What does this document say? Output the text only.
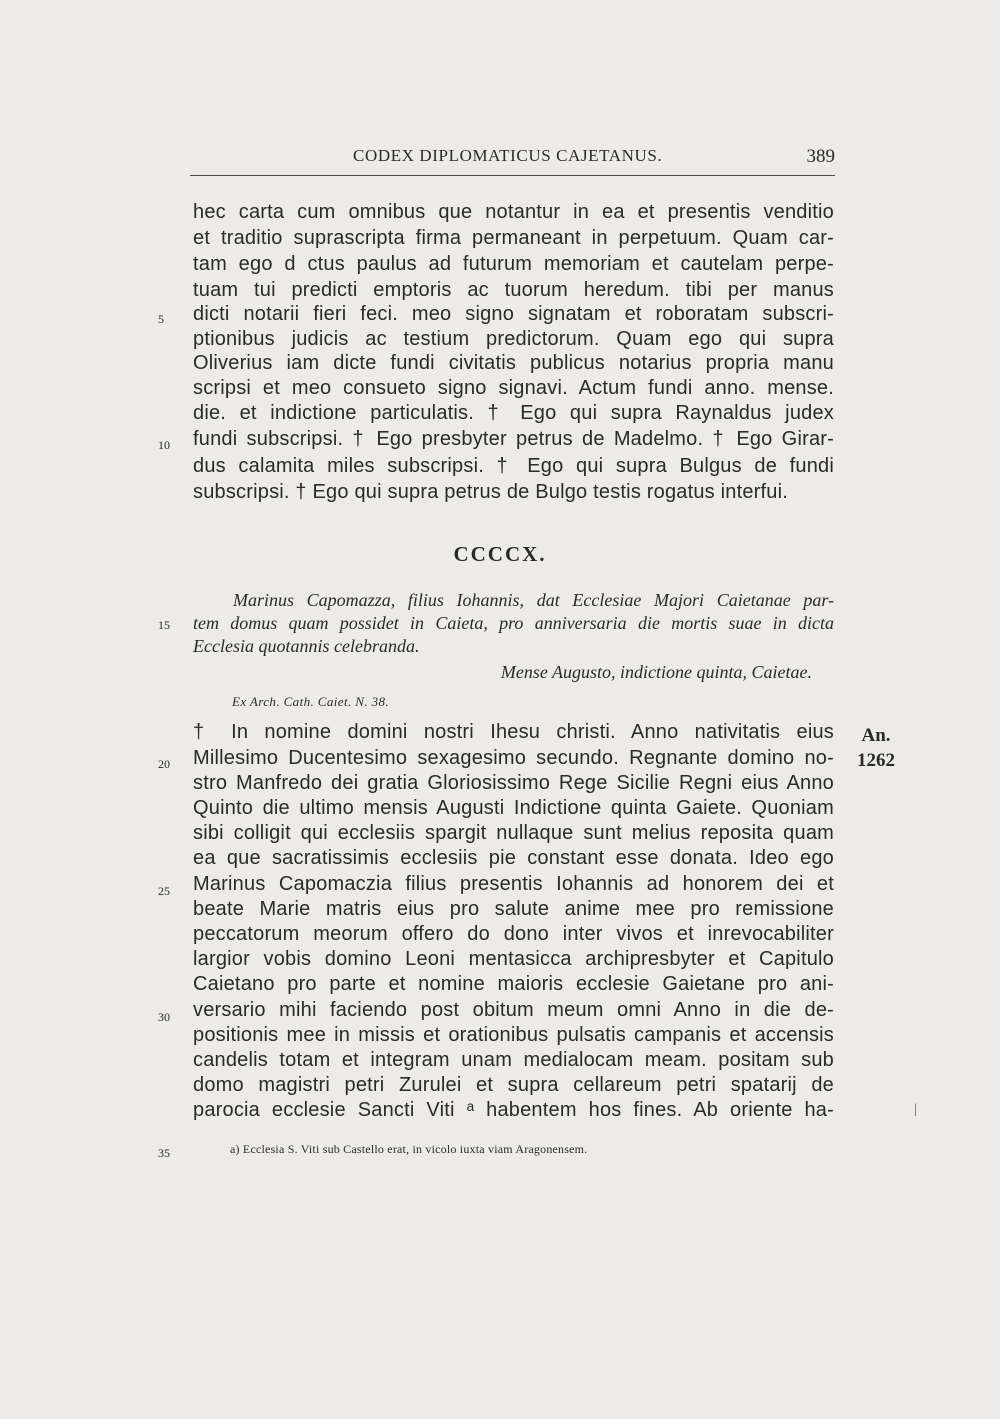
CODEX DIPLOMATICUS CAJETANUS.	389
hec carta cum omnibus que notantur in ea et presentis venditio
et traditio suprascripta firma permaneant in perpetuum. Quam car-
tam ego d ctus paulus ad futurum memoriam et cautelam perpe-
tuam tui predicti emptoris ac tuorum heredum. tibi per manus
dicti notarii fieri feci. meo signo signatam et roboratam subscri-
ptionibus judicis ac testium predictorum. Quam ego qui supra
Oliverius iam dicte fundi civitatis publicus notarius propria manu
scripsi et meo consueto signo signavi. Actum fundi anno. mense.
die. et indictione particulatis. † Ego qui supra Raynaldus judex
fundi subscripsi. † Ego presbyter petrus de Madelmo. † Ego Girar-
dus calamita miles subscripsi. † Ego qui supra Bulgus de fundi
subscripsi. † Ego qui supra petrus de Bulgo testis rogatus interfui.
CCCCX.
Marinus Capomazza, filius Iohannis, dat Ecclesiae Majori Caietanae par-
tem domus quam possidet in Caieta, pro anniversaria die mortis suae in dicta
Ecclesia quotannis celebranda.
Mense Augusto, indictione quinta, Caietae.
Ex Arch. Cath. Caiet. N. 38.
An.
1262
† In nomine domini nostri Ihesu christi. Anno nativitatis eius
Millesimo Ducentesimo sexagesimo secundo. Regnante domino no-
stro Manfredo dei gratia Gloriosissimo Rege Sicilie Regni eius Anno
Quinto die ultimo mensis Augusti Indictione quinta Gaiete. Quoniam
sibi colligit qui ecclesiis spargit nullaque sunt melius reposita quam
ea que sacratissimis ecclesiis pie constant esse donata. Ideo ego
Marinus Capomaczia filius presentis Iohannis ad honorem dei et
beate Marie matris eius pro salute anime mee pro remissione
peccatorum meorum offero do dono inter vivos et inrevocabiliter
largior vobis domino Leoni mentasicca archipresbyter et Capitulo
Caietano pro parte et nomine maioris ecclesie Gaietane pro ani-
versario mihi faciendo post obitum meum omni Anno in die de-
positionis mee in missis et orationibus pulsatis campanis et accensis
candelis totam et integram unam medialocam meam. positam sub
domo magistri petri Zurulei et supra cellareum petri spatarij de
parocia ecclesie Sancti Viti ᵃ habentem hos fines. Ab oriente ha-
5
10
15
20
25
30
35	a) Ecclesia S. Viti sub Castello erat, in vicolo iuxta viam Aragonensem.
|
